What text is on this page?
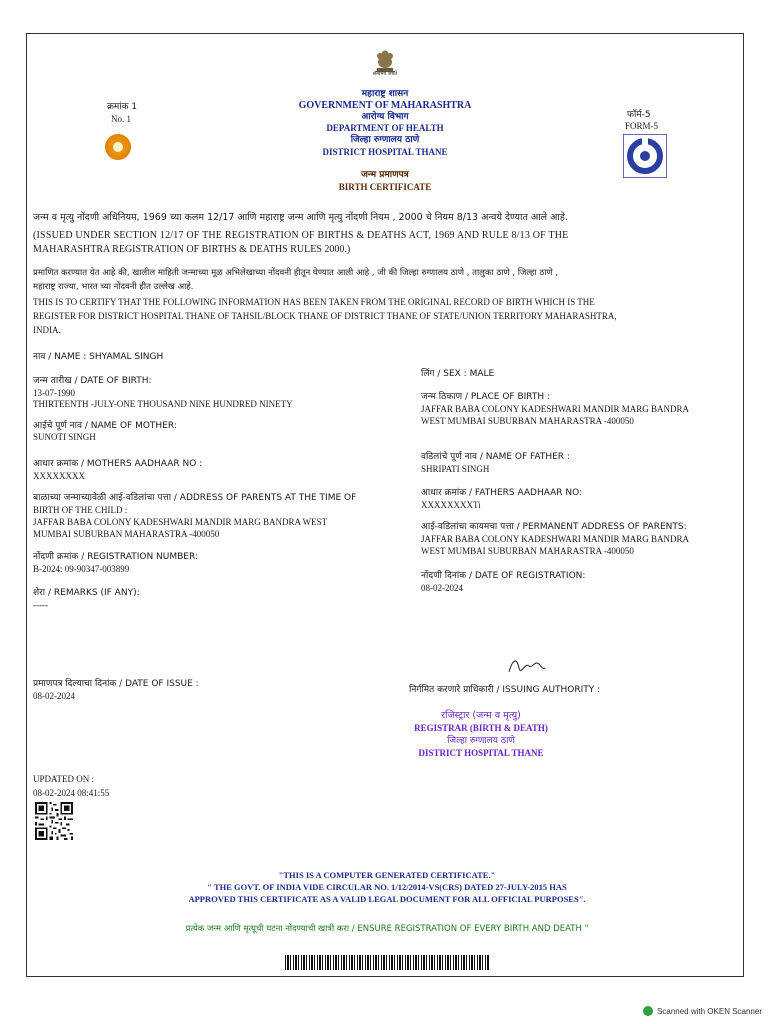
सत्यमेव जयते
क्रमांक 1
No. 1
महाराष्ट्र शासन
GOVERNMENT OF MAHARASHTRA
आरोग्य विभाग
DEPARTMENT OF HEALTH
जिल्हा रुग्णालय ठाणे
DISTRICT HOSPITAL THANE
जन्म प्रमाणपत्र
BIRTH CERTIFICATE
फॉर्म-5
FORM-5
जन्म व मृत्यु नोंदणी अधिनियम, 1969 च्या कलम 12/17 आणि महाराष्ट्र जन्म आणि मृत्यु नोंदणी नियम , 2000 चे नियम 8/13 अन्वये देण्यात आले आहे.
(ISSUED UNDER SECTION 12/17 OF THE REGISTRATION OF BIRTHS & DEATHS ACT, 1969 AND RULE 8/13 OF THE
MAHARASHTRA REGISTRATION OF BIRTHS & DEATHS RULES 2000.)
प्रमाणित करण्यात येत आहे की, खालील माहिती जन्माच्या मूळ अभिलेखाच्या नोंदवनी हीतून घेण्यात आली आहे , जी की जिल्हा रुग्णालय ठाणे , तालुका ठाणे , जिल्हा ठाणे ,
महाराष्ट्र राज्या, भारत च्या नोंदवनी हीत उल्लेख आहे.
THIS IS TO CERTIFY THAT THE FOLLOWING INFORMATION HAS BEEN TAKEN FROM THE ORIGINAL RECORD OF BIRTH WHICH IS THE
REGISTER FOR DISTRICT HOSPITAL THANE OF TAHSIL/BLOCK THANE OF DISTRICT THANE OF STATE/UNION TERRITORY MAHARASHTRA,
INDIA.
नाव / NAME : SHYAMAL SINGH
जन्म तारीख / DATE OF BIRTH:
13-07-1990
THIRTEENTH -JULY-ONE THOUSAND NINE HUNDRED NINETY
आईचे पूर्ण नाव / NAME OF MOTHER:
SUNOTI SINGH
आधार क्रमांक / MOTHERS AADHAAR NO :
XXXXXXXX
बाळाच्या जन्माच्यावेळी आई-वडिलांचा पत्ता / ADDRESS OF PARENTS AT THE TIME OF
BIRTH OF THE CHILD :
JAFFAR BABA COLONY KADESHWARI MANDIR MARG BANDRA WEST
MUMBAI SUBURBAN MAHARASTRA -400050
नोंदणी क्रमांक / REGISTRATION NUMBER:
B-2024: 09-90347-003899
शेरा / REMARKS (IF ANY):
-----
लिंग / SEX : MALE
जन्म ठिकाण / PLACE OF BIRTH :
JAFFAR BABA COLONY KADESHWARI MANDIR MARG BANDRA
WEST MUMBAI SUBURBAN MAHARASTRA -400050
वडिलांचे पूर्ण नाव / NAME OF FATHER :
SHRIPATI SINGH
आधार क्रमांक / FATHERS AADHAAR NO:
XXXXXXXXTi
आई-वडिलांचा कायमचा पत्ता / PERMANENT ADDRESS OF PARENTS:
JAFFAR BABA COLONY KADESHWARI MANDIR MARG BANDRA
WEST MUMBAI SUBURBAN MAHARASTRA -400050
नोंदणी दिनांक / DATE OF REGISTRATION:
08-02-2024
प्रमाणपत्र दिल्याचा दिनांक / DATE OF ISSUE :
08-02-2024
निर्गमित करणारे प्राधिकारी / ISSUING AUTHORITY :
रजिस्ट्रार (जन्म व मृत्यु)
REGISTRAR (BIRTH & DEATH)
जिल्हा रुग्णालय ठाणे
DISTRICT HOSPITAL THANE
UPDATED ON :
08-02-2024 08:41:55
"THIS IS A COMPUTER GENERATED CERTIFICATE."
" THE GOVT. OF INDIA VIDE CIRCULAR NO. 1/12/2014-VS(CRS) DATED 27-JULY-2015 HAS
APPROVED THIS CERTIFICATE AS A VALID LEGAL DOCUMENT FOR ALL OFFICIAL PURPOSES".
प्रत्येक जन्म आणि मृत्यूची घटना नोंदण्याची खात्री करा / ENSURE REGISTRATION OF EVERY BIRTH AND DEATH "
Scanned with OKEN Scanner
